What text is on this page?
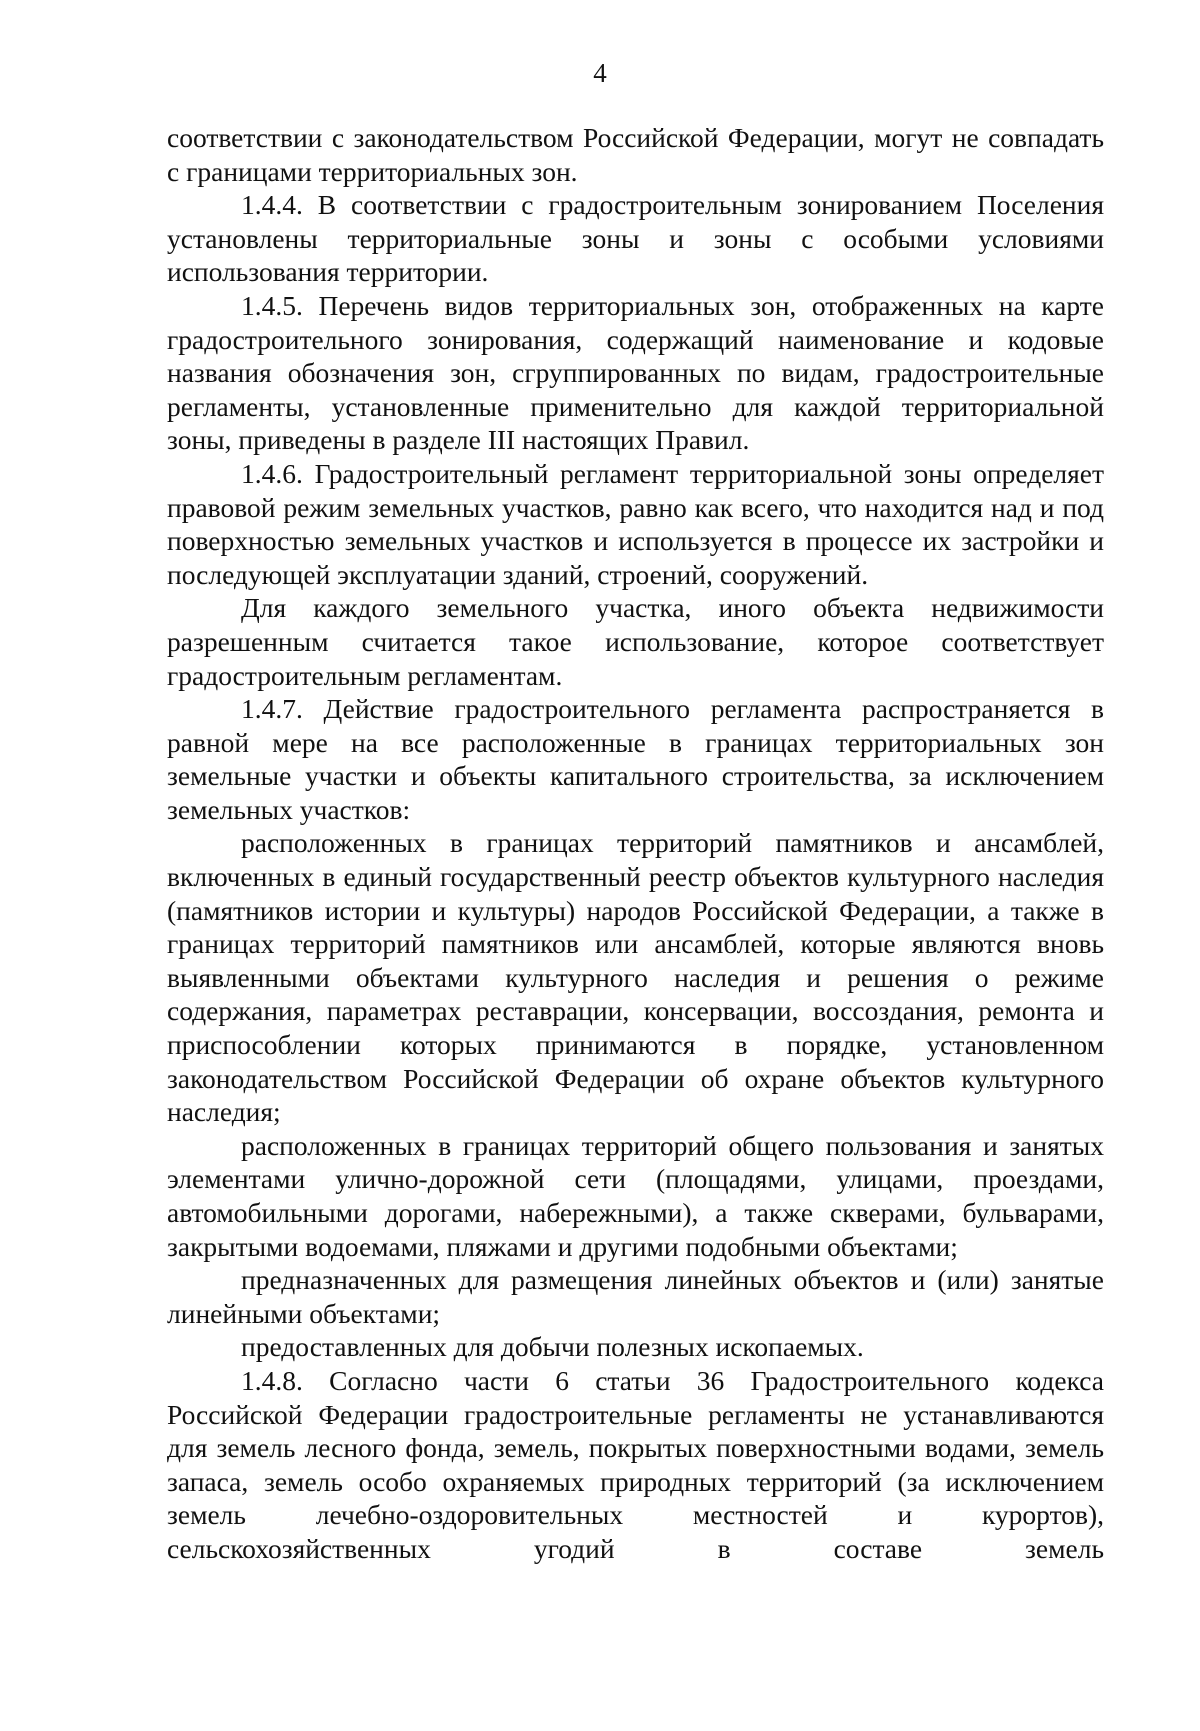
4

соответствии с законодательством Российской Федерации, могут не совпадать с границами территориальных зон.

1.4.4. В соответствии с градостроительным зонированием Поселения установлены территориальные зоны и зоны с особыми условиями использования территории.

1.4.5. Перечень видов территориальных зон, отображенных на карте градостроительного зонирования, содержащий наименование и кодовые названия обозначения зон, сгруппированных по видам, градостроительные регламенты, установленные применительно для каждой территориальной зоны, приведены в разделе III настоящих Правил.

1.4.6. Градостроительный регламент территориальной зоны определяет правовой режим земельных участков, равно как всего, что находится над и под поверхностью земельных участков и используется в процессе их застройки и последующей эксплуатации зданий, строений, сооружений.

Для каждого земельного участка, иного объекта недвижимости разрешенным считается такое использование, которое соответствует градостроительным регламентам.

1.4.7. Действие градостроительного регламента распространяется в равной мере на все расположенные в границах территориальных зон земельные участки и объекты капитального строительства, за исключением земельных участков:

расположенных в границах территорий памятников и ансамблей, включенных в единый государственный реестр объектов культурного наследия (памятников истории и культуры) народов Российской Федерации, а также в границах территорий памятников или ансамблей, которые являются вновь выявленными объектами культурного наследия и решения о режиме содержания, параметрах реставрации, консервации, воссоздания, ремонта и приспособлении которых принимаются в порядке, установленном законодательством Российской Федерации об охране объектов культурного наследия;

расположенных в границах территорий общего пользования и занятых элементами улично-дорожной сети (площадями, улицами, проездами, автомобильными дорогами, набережными), а также скверами, бульварами, закрытыми водоемами, пляжами и другими подобными объектами;

предназначенных для размещения линейных объектов и (или) занятые линейными объектами;

предоставленных для добычи полезных ископаемых.

1.4.8. Согласно части 6 статьи 36 Градостроительного кодекса Российской Федерации градостроительные регламенты не устанавливаются для земель лесного фонда, земель, покрытых поверхностными водами, земель запаса, земель особо охраняемых природных территорий (за исключением земель лечебно-оздоровительных местностей и курортов), сельскохозяйственных угодий в составе земель
